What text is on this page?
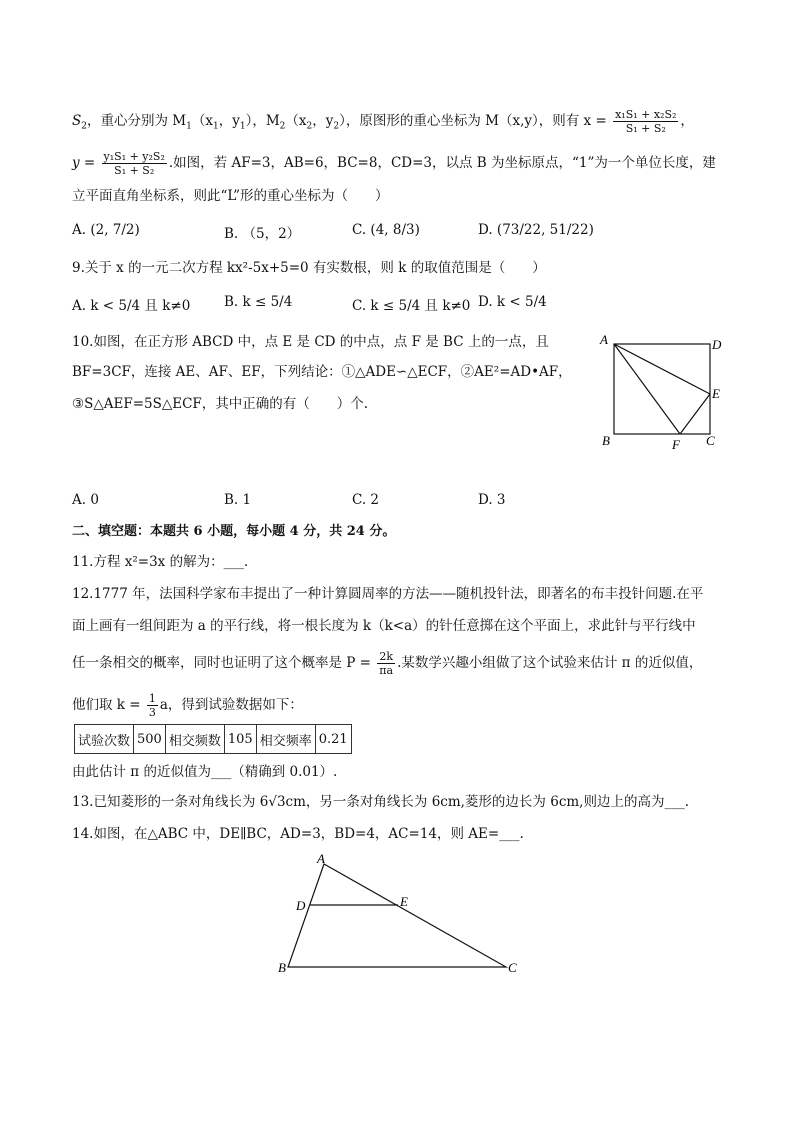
$S_2$，重心分别为 $M_1(x_1$，$y_1$），$M_2(x_2$，$y_2$），原图形的重心坐标为 M（x,y），则有 $x = \frac{\text{x₁S₁ + x₂S₂}}{\text{S₁ + S₂}}$ ，
$y = \frac{\text{y₁S₁ + y₂S₂}}{\text{S₁ + S₂}}$ .如图，若 AF=3，AB=6，BC=8，CD=3，以点 B 为坐标原点，“1”为一个单位长度，建
立平面直角坐标系，则此“L”形的重心坐标为（　　）
A. (2, 7/2)	B. （5，2）	C. (4, 8/3)	D. (73/22, 51/22)
9.关于 x 的一元二次方程 kx²-5x+5=0 有实数根，则 k 的取值范围是（　　）
A. k < 5/4 且 k≠0 B. k ≤ 5/4	C. k ≤ 5/4 且 k≠0 D. k < 5/4
10.如图，在正方形 ABCD 中，点 E 是 CD 的中点，点 F 是 BC 上的一点，且
BF=3CF，连接 AE、AF、EF，下列结论：①△ADE∽△ECF，②AE²=AD•AF，
③S△AEF=5S△ECF，其中正确的有（　　）个.
A	D
E
B	F C
A. 0	B. 1	C. 2	D. 3
二、填空题：本题共 6 小题，每小题 4 分，共 24 分。
11.方程 x²=3x 的解为：___.
12.1777 年，法国科学家布丰提出了一种计算圆周率的方法——随机投针法，即著名的布丰投针问题.在平
面上画有一组间距为 a 的平行线，将一根长度为 k（k<a）的针任意掷在这个平面上，求此针与平行线中
任一条相交的概率，同时也证明了这个概率是 $P = \frac{2k}{\pi a}$ .某数学兴趣小组做了这个试验来估计 π 的近似值，
他们取 $k = \frac{1}{3}$ a，得到试验数据如下：
试验次数	500	相交频数	105	相交频率	0.21
由此估计 π 的近似值为___（精确到 0.01）.
13.已知菱形的一条对角线长为 6√3cm，另一条对角线长为 6cm,菱形的边长为 6cm,则边上的高为___.
14.如图，在△ABC 中，DE∥BC，AD=3，BD=4，AC=14，则 AE=___.
A
D	E
B	C
